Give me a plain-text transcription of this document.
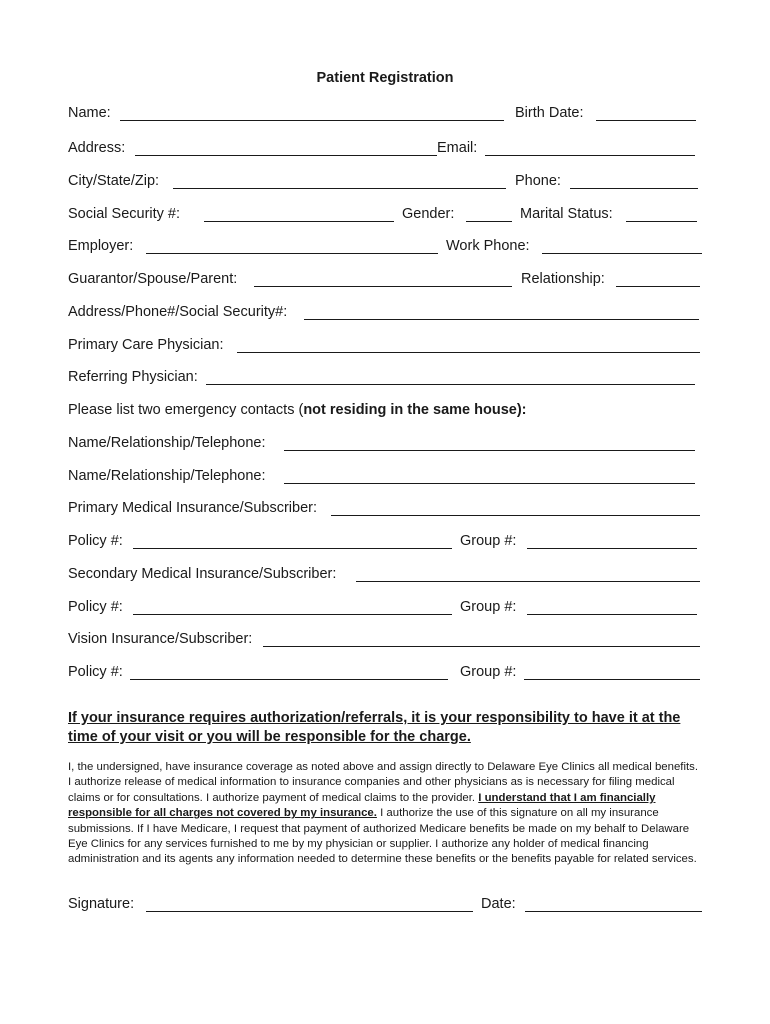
Patient Registration
Name:	Birth Date:
Address:	Email:
City/State/Zip:	Phone:
Social Security #:	Gender:	Marital Status:
Employer:	Work Phone:
Guarantor/Spouse/Parent:	Relationship:
Address/Phone#/Social Security#:
Primary Care Physician:
Referring Physician:
Please list two emergency contacts (not residing in the same house):
Name/Relationship/Telephone:
Name/Relationship/Telephone:
Primary Medical Insurance/Subscriber:
Policy #:	Group #:
Secondary Medical Insurance/Subscriber:
Policy #:	Group #:
Vision Insurance/Subscriber:
Policy #:	Group #:
If your insurance requires authorization/referrals, it is your responsibility to have it at the time of your visit or you will be responsible for the charge.
I, the undersigned, have insurance coverage as noted above and assign directly to Delaware Eye Clinics all medical benefits. I authorize release of medical information to insurance companies and other physicians as is necessary for filing medical claims or for consultations. I authorize payment of medical claims to the provider. I understand that I am financially responsible for all charges not covered by my insurance. I authorize the use of this signature on all my insurance submissions. If I have Medicare, I request that payment of authorized Medicare benefits be made on my behalf to Delaware Eye Clinics for any services furnished to me by my physician or supplier. I authorize any holder of medical financing administration and its agents any information needed to determine these benefits or the benefits payable for related services.
Signature:	Date:
